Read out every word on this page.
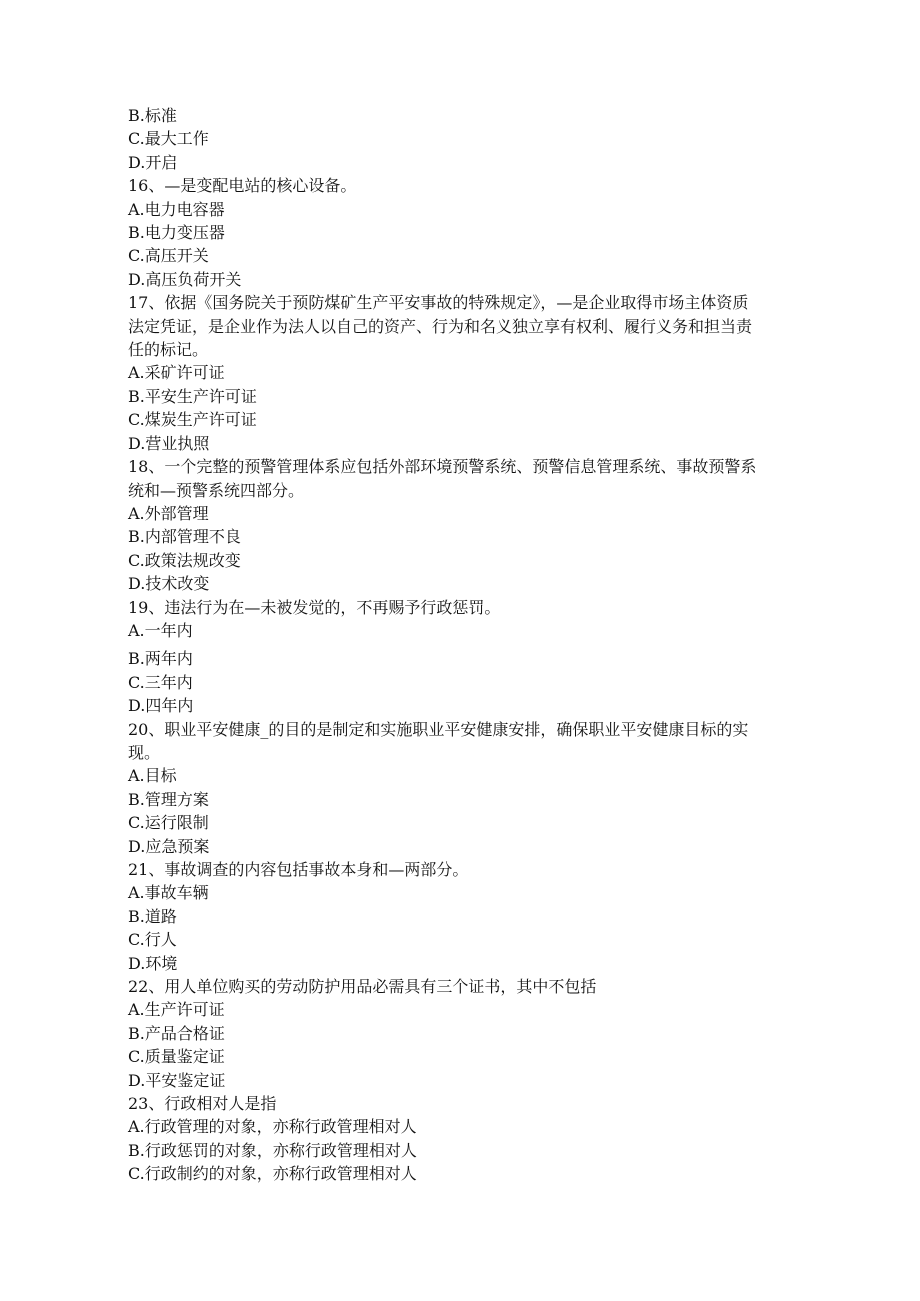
B.标准
C.最大工作
D.开启
16、—是变配电站的核心设备。
A.电力电容器
B.电力变压器
C.高压开关
D.高压负荷开关
17、依据《国务院关于预防煤矿生产平安事故的特殊规定》，—是企业取得市场主体资质
法定凭证，是企业作为法人以自己的资产、行为和名义独立享有权利、履行义务和担当责
任的标记。
A.采矿许可证
B.平安生产许可证
C.煤炭生产许可证
D.营业执照
18、一个完整的预警管理体系应包括外部环境预警系统、预警信息管理系统、事故预警系
统和—预警系统四部分。
A.外部管理
B.内部管理不良
C.政策法规改变
D.技术改变
19、违法行为在—未被发觉的，不再赐予行政惩罚。
A.一年内
B.两年内
C.三年内
D.四年内
20、职业平安健康_的目的是制定和实施职业平安健康安排，确保职业平安健康目标的实
现。
A.目标
B.管理方案
C.运行限制
D.应急预案
21、事故调查的内容包括事故本身和—两部分。
A.事故车辆
B.道路
C.行人
D.环境
22、用人单位购买的劳动防护用品必需具有三个证书，其中不包括
A.生产许可证
B.产品合格证
C.质量鉴定证
D.平安鉴定证
23、行政相对人是指
A.行政管理的对象，亦称行政管理相对人
B.行政惩罚的对象，亦称行政管理相对人
C.行政制约的对象，亦称行政管理相对人
